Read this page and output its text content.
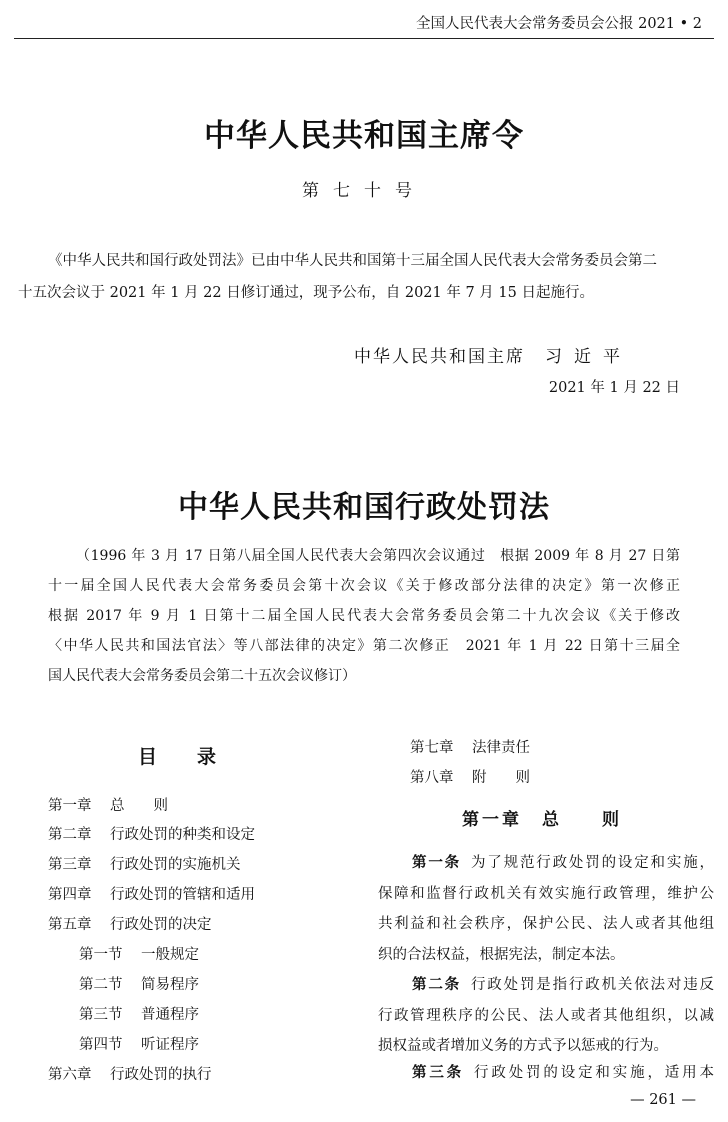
全国人民代表大会常务委员会公报 2021 • 2
中华人民共和国主席令
第七十号
《中华人民共和国行政处罚法》已由中华人民共和国第十三届全国人民代表大会常务委员会第二
十五次会议于 2021 年 1 月 22 日修订通过，现予公布，自 2021 年 7 月 15 日起施行。
中华人民共和国主席 习近平
2021 年 1 月 22 日
中华人民共和国行政处罚法
（1996 年 3 月 17 日第八届全国人民代表大会第四次会议通过　根据 2009 年 8 月 27 日第
十一届全国人民代表大会常务委员会第十次会议《关于修改部分法律的决定》第一次修正
根据 2017 年 9 月 1 日第十二届全国人民代表大会常务委员会第二十九次会议《关于修改
〈中华人民共和国法官法〉等八部法律的决定》第二次修正　2021 年 1 月 22 日第十三届全
国人民代表大会常务委员会第二十五次会议修订）
目录
第一章 总　　则
第二章 行政处罚的种类和设定
第三章 行政处罚的实施机关
第四章 行政处罚的管辖和适用
第五章 行政处罚的决定
第一节 一般规定
第二节 简易程序
第三节 普通程序
第四节 听证程序
第六章 行政处罚的执行
第七章 法律责任
第八章 附　　则
第一章　总　　则
第一条 为了规范行政处罚的设定和实施，
保障和监督行政机关有效实施行政管理，维护公
共利益和社会秩序，保护公民、法人或者其他组
织的合法权益，根据宪法，制定本法。
第二条 行政处罚是指行政机关依法对违反
行政管理秩序的公民、法人或者其他组织，以减
损权益或者增加义务的方式予以惩戒的行为。
第三条 行政处罚的设定和实施，适用本
— 261 —
